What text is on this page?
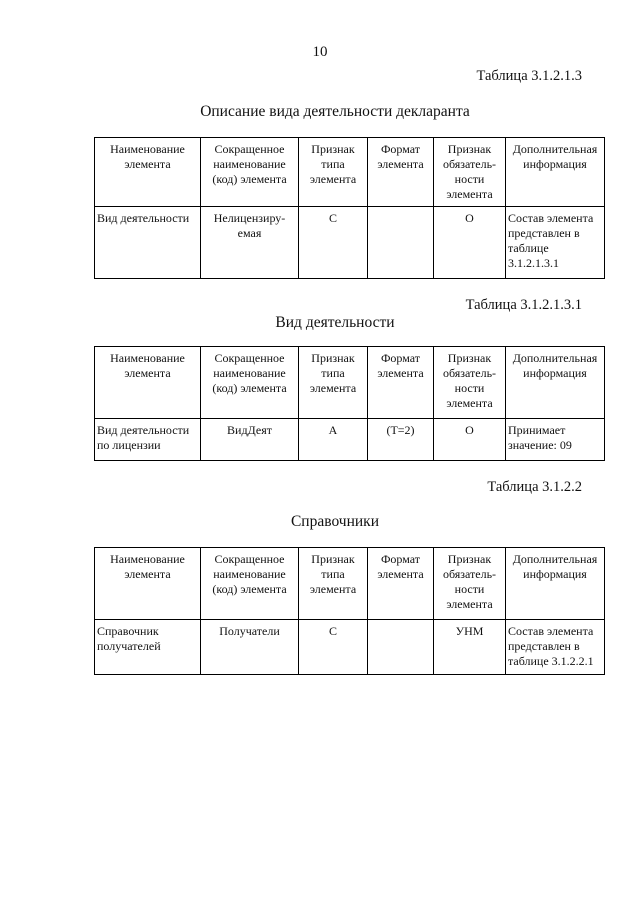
10
Таблица 3.1.2.1.3
Описание вида деятельности декларанта
Наименование элемента	Сокращенное наименование (код) элемента	Признак типа элемента	Формат элемента	Признак обязатель-ности элемента	Дополнительная информация
Вид деятельности	Нелицензиру-емая	С		О	Состав элемента представлен в таблице 3.1.2.1.3.1
Таблица 3.1.2.1.3.1
Вид деятельности
Наименование элемента	Сокращенное наименование (код) элемента	Признак типа элемента	Формат элемента	Признак обязатель-ности элемента	Дополнительная информация
Вид деятельности по лицензии	ВидДеят	А	(Т=2)	О	Принимает значение: 09
Таблица 3.1.2.2
Справочники
Наименование элемента	Сокращенное наименование (код) элемента	Признак типа элемента	Формат элемента	Признак обязатель-ности элемента	Дополнительная информация
Справочник получателей	Получатели	С		УНМ	Состав элемента представлен в таблице 3.1.2.2.1
